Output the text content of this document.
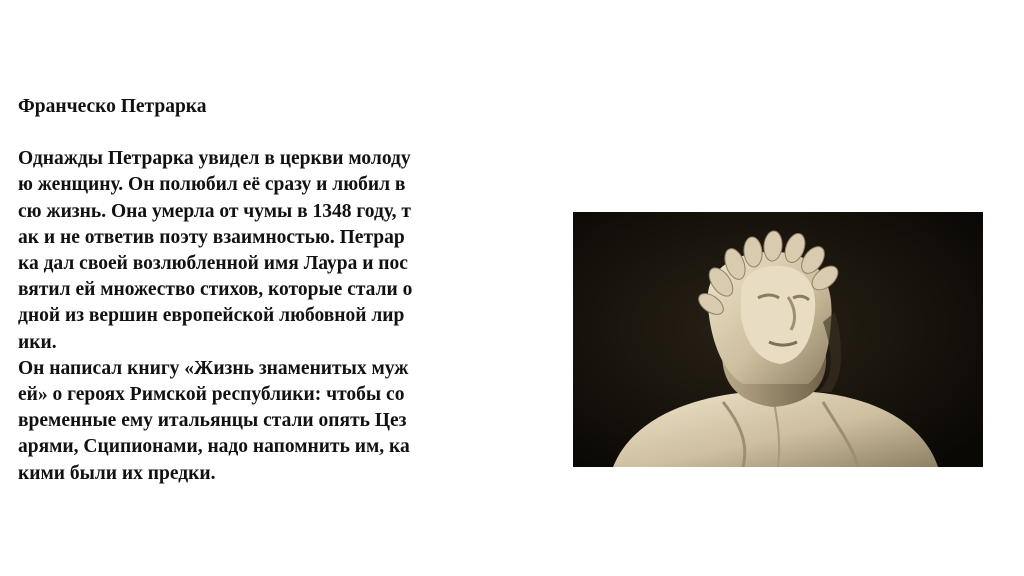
Франческо Петрарка
Однажды Петрарка увидел в церкви молоду
ю женщину. Он полюбил её сразу и любил в
сю жизнь. Она умерла от чумы в 1348 году, т
ак и не ответив поэту взаимностью. Петрар
ка дал своей возлюбленной имя Лаура и пос
вятил ей множество стихов, которые стали о
дной из вершин европейской любовной лир
ики.
Он написал книгу «Жизнь знаменитых муж
ей» о героях Римской республики: чтобы со
временные ему итальянцы стали опять Цез
арями, Сципионами, надо напомнить им, ка
кими были их предки.
